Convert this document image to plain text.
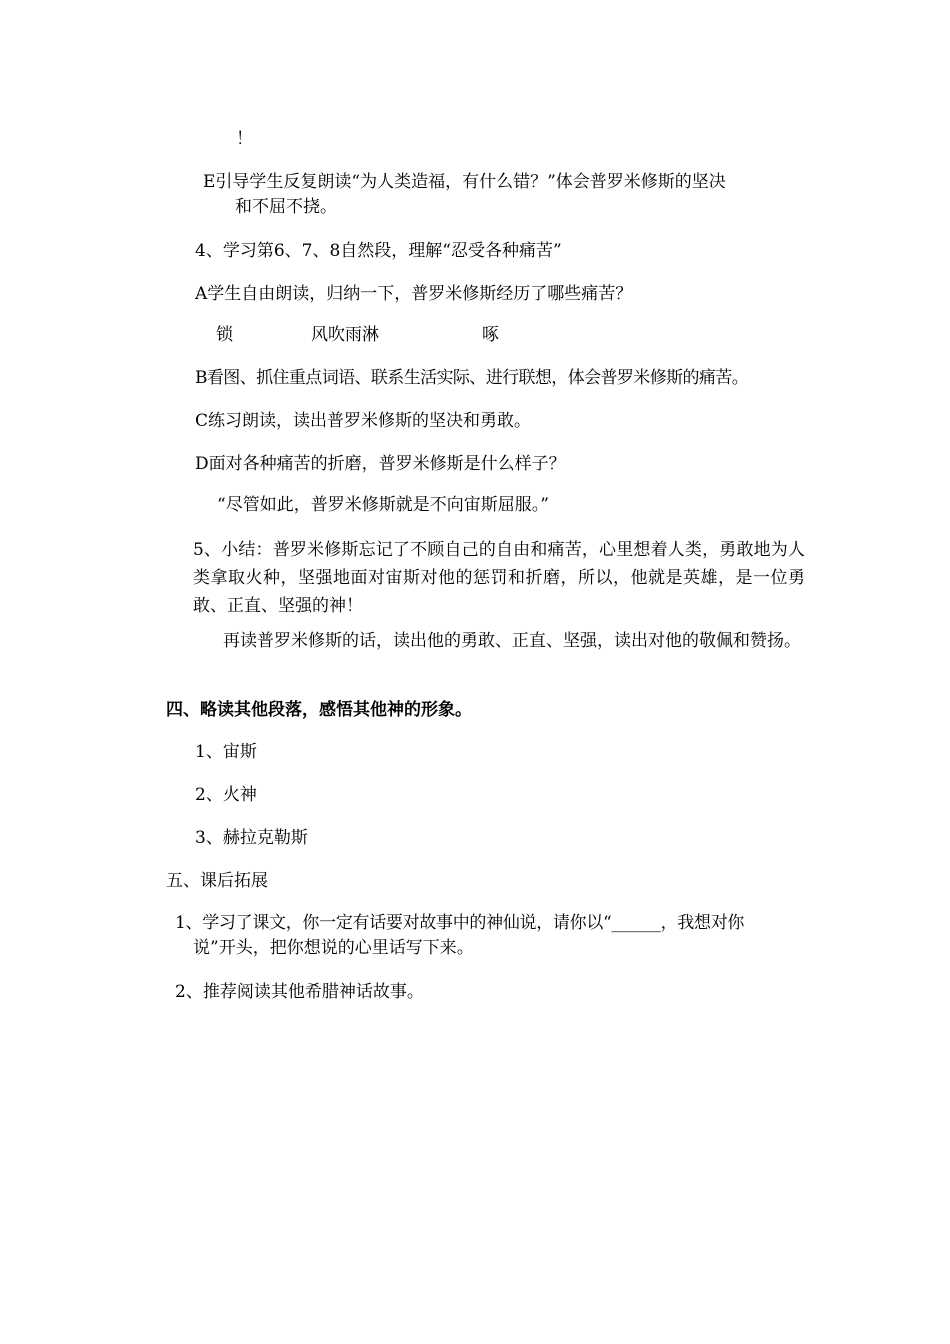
！
E引导学生反复朗读“为人类造福，有什么错？”体会普罗米修斯的坚决
和不屈不挠。
4、学习第6、7、8自然段，理解“忍受各种痛苦”
A学生自由朗读，归纳一下，普罗米修斯经历了哪些痛苦？
锁	风吹雨淋	啄
B看图、抓住重点词语、联系生活实际、进行联想，体会普罗米修斯的痛苦。
C练习朗读，读出普罗米修斯的坚决和勇敢。
D面对各种痛苦的折磨，普罗米修斯是什么样子？
“尽管如此，普罗米修斯就是不向宙斯屈服。”
5、小结：普罗米修斯忘记了不顾自己的自由和痛苦，心里想着人类，勇敢地为人类拿取火种，坚强地面对宙斯对他的惩罚和折磨，所以，他就是英雄，是一位勇敢、正直、坚强的神！
再读普罗米修斯的话，读出他的勇敢、正直、坚强，读出对他的敬佩和赞扬。
四、略读其他段落，感悟其他神的形象。
1、宙斯
2、火神
3、赫拉克勒斯
五、课后拓展
1、学习了课文，你一定有话要对故事中的神仙说，请你以“______，我想对你
说”开头，把你想说的心里话写下来。
2、推荐阅读其他希腊神话故事。
